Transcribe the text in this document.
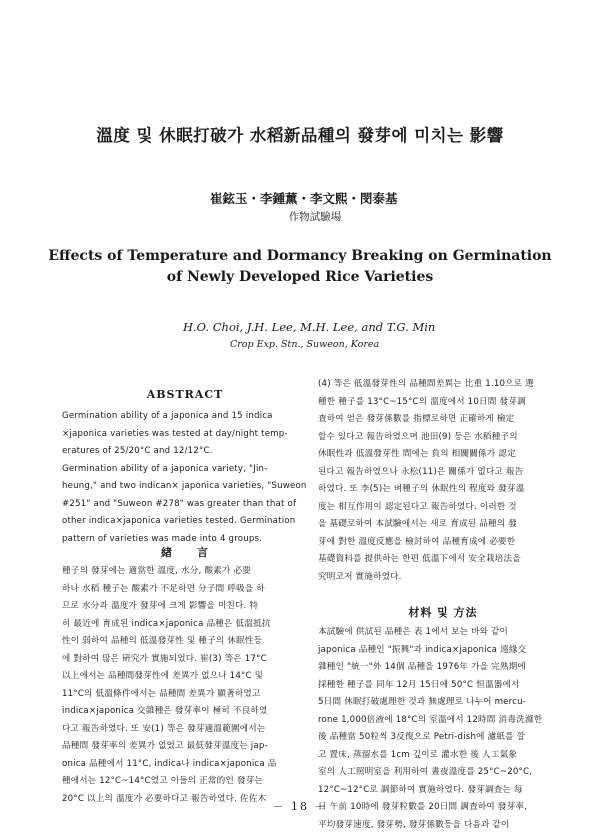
溫度 및 休眠打破가 水稻新品種의 發芽에 미치는 影響
崔鉉玉・李鍾薰・李文熙・閔泰基
作物試驗場
Effects of Temperature and Dormancy Breaking on Germination
of Newly Developed Rice Varieties
H.O. Choi, J.H. Lee, M.H. Lee, and T.G. Min
Crop Exp. Stn., Suweon, Korea
ABSTRACT
Germination ability of a japonica and 15 indica
×japonica varieties was tested at day/night temp-
eratures of 25/20°C and 12/12°C.
Germination ability of a japonica variety, "Jin-
heung," and two indican× japonica varieties, "Suweon
#251" and "Suweon #278" was greater than that of
other indica×japonica varieties tested. Germination
pattern of varieties was made into 4 groups.
緖　　言
種子의 發芽에는 適當한 溫度, 水分, 酸素가 必要
하나 水稻 種子는 酸素가 不足하면 分子間 呼吸을 하
므로 水分과 溫度가 發芽에 크게 影響을 미친다. 特
히 最近에 育成된 indica×japonica 品種은 低溫抵抗
性이 弱하여 品種의 低溫發芽性 및 種子의 休眠性등
에 對하여 많은 硏究가 實施되었다. 崔(3) 等은 17°C
以上에서는 品種間發芽性에 差異가 없으나 14°C 및
11°C의 低溫條件에서는 品種間 差異가 顯著하였고
indica×japonica 交雜種은 發芽率이 極히 不良하였
다고 報告하였다. 또 安(1) 等은 發芽適溫範圍에서는
品種間 發芽率의 差異가 없었고 最低發芽溫度는 jap-
onica 品種에서 11°C, indica나 indica×japonica 品
種에서는 12°C~14°C였고 이들의 正常的인 發芽는
20°C 以上의 溫度가 必要하다고 報告하였다. 佐佐木
(4) 等은 低溫發芽性의 品種間差異는 比重 1.10으로 選
種한 種子를 13°C~15°C의 溫度에서 10日間 發芽調
査하여 얻은 發芽係數를 指標로하면 正確하게 檢定
할수 있다고 報告하였으며 池田(9) 등은 水稻種子의
休眠性과 低溫發芽性 間에는 負의 相關關係가 認定
된다고 報告하였으나 永松(11)은 關係가 없다고 報告
하였다. 또 李(5)는 벼種子의 休眠性의 程度와 發芽溫
度는 相互作用이 認定된다고 報告하였다. 이러한 것
을 基礎로하여 本試驗에서는 새로 育成된 品種의 發
芽에 對한 溫度反應을 檢討하여 品種育成에 必要한
基礎資料를 提供하는 한편 低溫下에서 安全栽培法을
究明코저 實施하였다.
材料 및 方法
本試驗에 供試된 品種은 表 1에서 보는 바와 같이
japonica 品種인 "振興"과 indica×japonica 遠緣交
雜種인 "統一"外 14個 品種을 1976年 가을 完熟期에
採種한 種子를 同年 12月 15日에 50°C 恒溫器에서
5日間 休眠打破處理한 것과 無處理로 나누어 mercu-
rone 1,000倍液에 18°C의 室溫에서 12時間 消毒洗滌한
後 品種當 50粒씩 3反復으로 Petri-dish에 濾紙를 깔
고 置床, 蒸溜水를 1cm 깊이로 灌水한 後 人工氣象
室의 人工照明室을 利用하여 晝夜溫度를 25°C~20°C,
12°C~12°C로 調節하여 實施하였다. 發芽調査는 每
日 午前 10時에 發芽粒數를 20日間 調査하여 發芽率,
平均發芽速度, 發芽勢, 發芽係數등을 다음과 같이
－ 18 －
